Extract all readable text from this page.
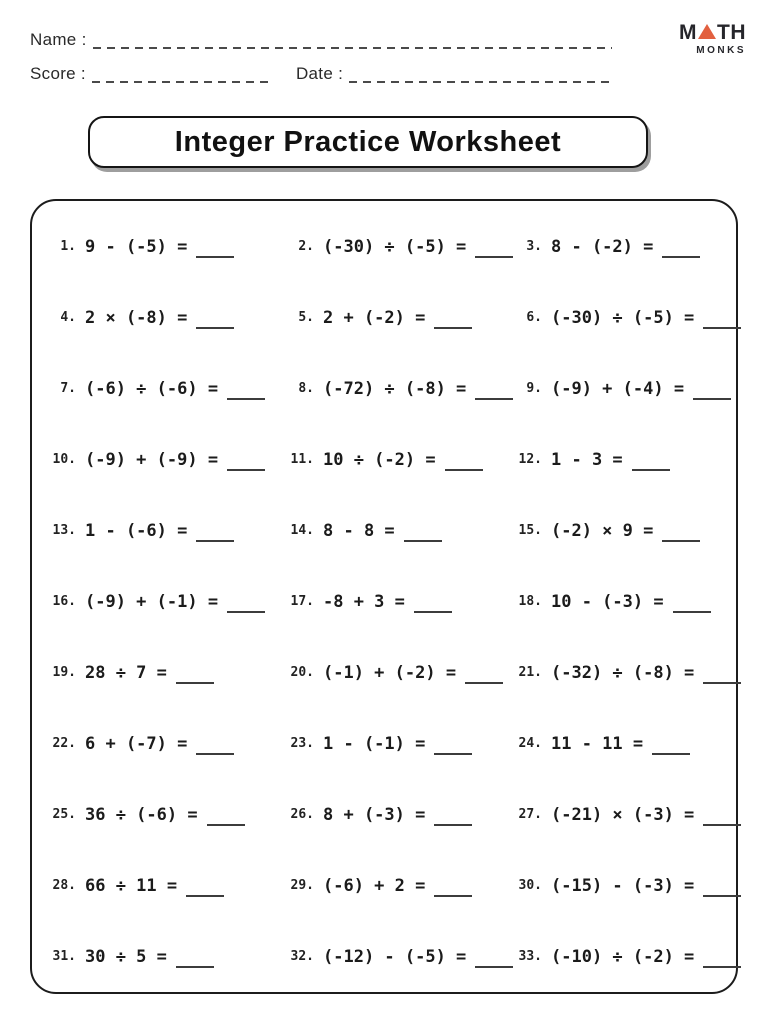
Name :
Score :	Date :
M TH
MONKS
Integer Practice Worksheet
1. 9 - (-5) =	2. (-30) ÷ (-5) =	3. 8 - (-2) =
4. 2 × (-8) =	5. 2 + (-2) =	6. (-30) ÷ (-5) =
7. (-6) ÷ (-6) =	8. (-72) ÷ (-8) =	9. (-9) + (-4) =
10. (-9) + (-9) =	11. 10 ÷ (-2) =	12. 1 - 3 =
13. 1 - (-6) =	14. 8 - 8 =	15. (-2) × 9 =
16. (-9) + (-1) =	17. -8 + 3 =	18. 10 - (-3) =
19. 28 ÷ 7 =	20. (-1) + (-2) =	21. (-32) ÷ (-8) =
22. 6 + (-7) =	23. 1 - (-1) =	24. 11 - 11 =
25. 36 ÷ (-6) =	26. 8 + (-3) =	27. (-21) × (-3) =
28. 66 ÷ 11 =	29. (-6) + 2 =	30. (-15) - (-3) =
31. 30 ÷ 5 =	32. (-12) - (-5) =	33. (-10) ÷ (-2) =
